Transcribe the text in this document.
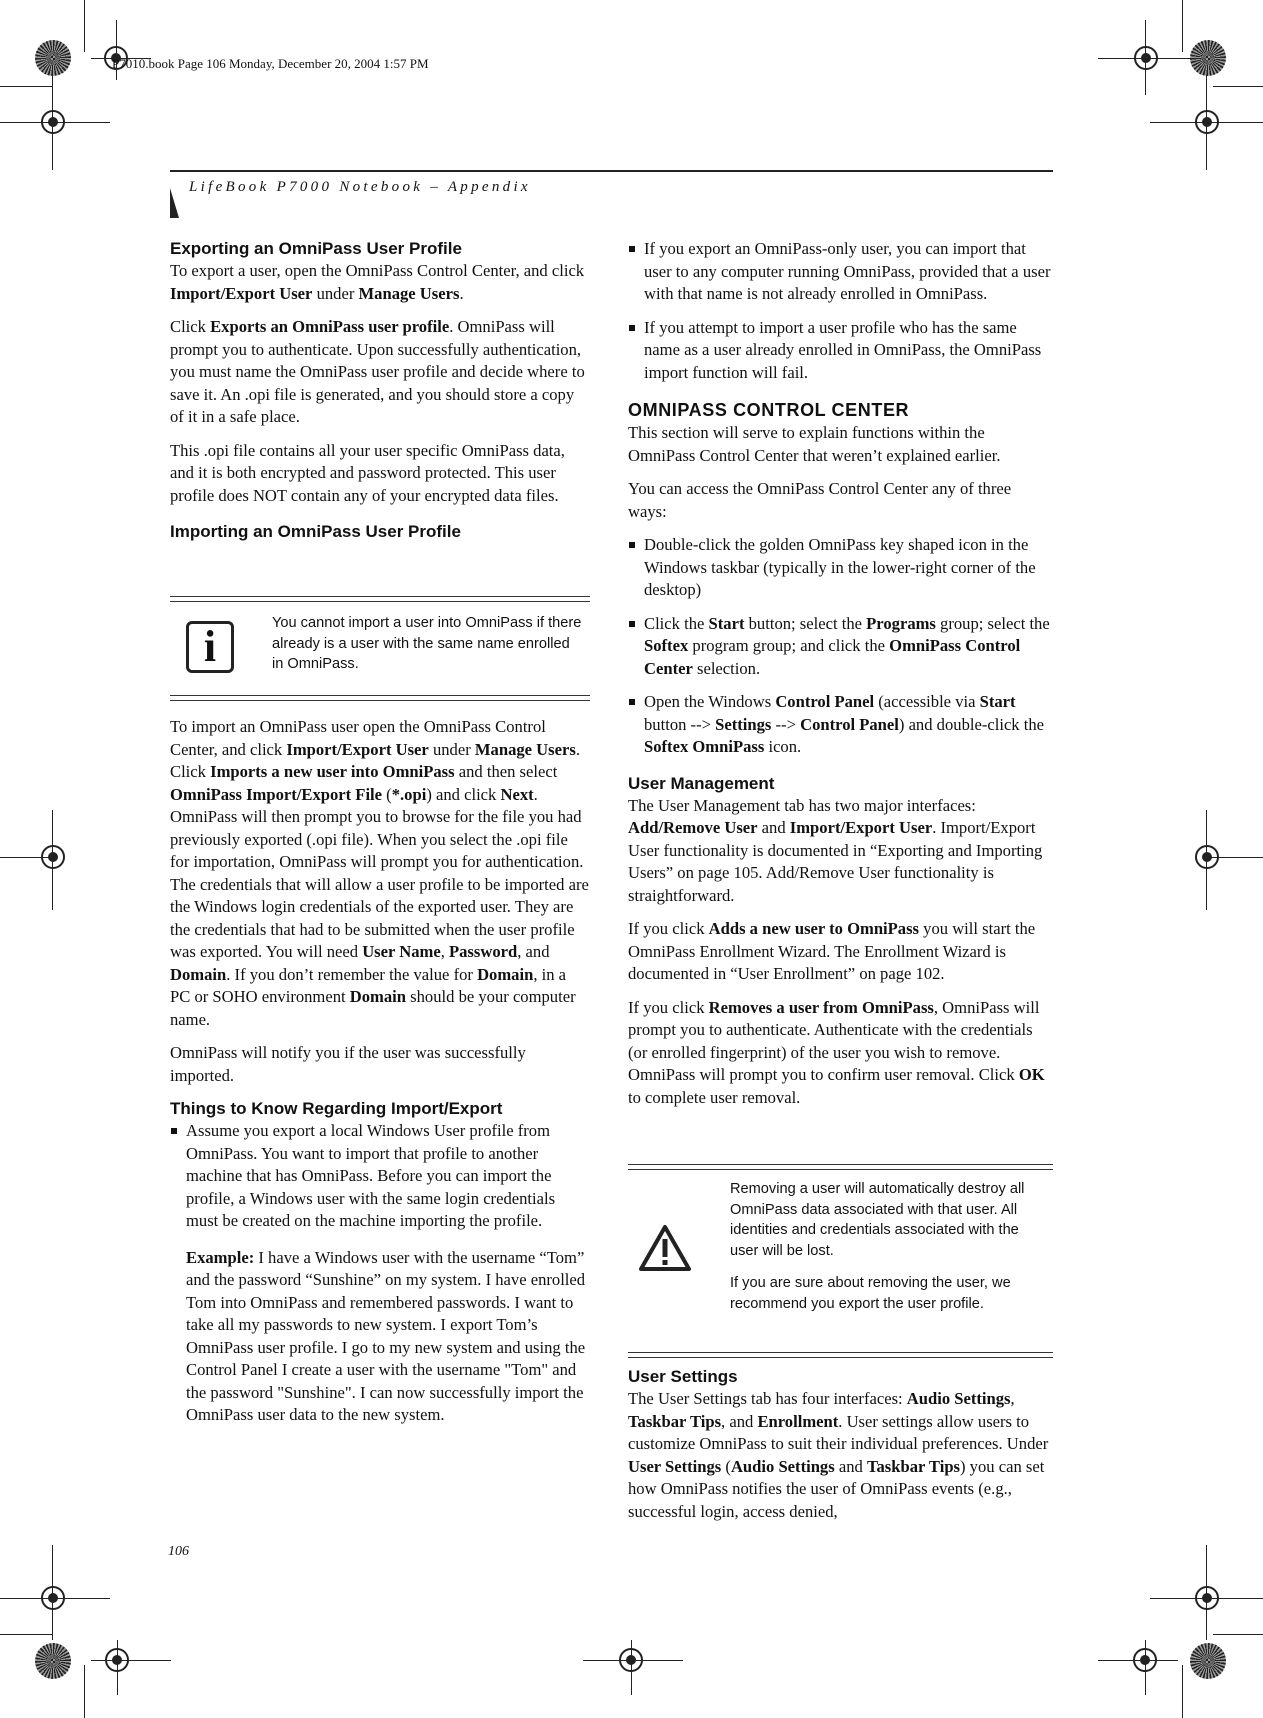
P7010.book Page 106 Monday, December 20, 2004 1:57 PM
LifeBook P7000 Notebook – Appendix
Exporting an OmniPass User Profile

To export a user, open the OmniPass Control Center, and click Import/Export User under Manage Users.

Click Exports an OmniPass user profile. OmniPass will prompt you to authenticate. Upon successfully authentication, you must name the OmniPass user profile and decide where to save it. An .opi file is generated, and you should store a copy of it in a safe place.

This .opi file contains all your user specific OmniPass data, and it is both encrypted and password protected. This user profile does NOT contain any of your encrypted data files.

Importing an OmniPass User Profile
i	You cannot import a user into OmniPass if there already is a user with the same name enrolled in OmniPass.

To import an OmniPass user open the OmniPass Control Center, and click Import/Export User under Manage Users. Click Imports a new user into OmniPass and then select OmniPass Import/Export File (*.opi) and click Next. OmniPass will then prompt you to browse for the file you had previously exported (.opi file). When you select the .opi file for importation, OmniPass will prompt you for authentication. The credentials that will allow a user profile to be imported are the Windows login credentials of the exported user. They are the credentials that had to be submitted when the user profile was exported. You will need User Name, Password, and Domain. If you don’t remember the value for Domain, in a PC or SOHO environment Domain should be your computer name.

OmniPass will notify you if the user was successfully imported.

Things to Know Regarding Import/Export
Assume you export a local Windows User profile from OmniPass. You want to import that profile to another machine that has OmniPass. Before you can import the profile, a Windows user with the same login credentials must be created on the machine importing the profile.
Example: I have a Windows user with the username “Tom” and the password “Sunshine” on my system. I have enrolled Tom into OmniPass and remembered passwords. I want to take all my passwords to new system. I export Tom’s OmniPass user profile. I go to my new system and using the Control Panel I create a user with the username "Tom" and the password "Sunshine". I can now successfully import the OmniPass user data to the new system.
If you export an OmniPass-only user, you can import that user to any computer running OmniPass, provided that a user with that name is not already enrolled in OmniPass.
If you attempt to import a user profile who has the same name as a user already enrolled in OmniPass, the OmniPass import function will fail.
OMNIPASS CONTROL CENTER

This section will serve to explain functions within the OmniPass Control Center that weren’t explained earlier.

You can access the OmniPass Control Center any of three ways:

Double-click the golden OmniPass key shaped icon in the Windows taskbar (typically in the lower-right corner of the desktop)
Click the Start button; select the Programs group; select the Softex program group; and click the OmniPass Control Center selection.
Open the Windows Control Panel (accessible via Start button --> Settings --> Control Panel) and double-click the Softex OmniPass icon.
User Management

The User Management tab has two major interfaces: Add/Remove User and Import/Export User. Import/Export User functionality is documented in “Exporting and Importing Users” on page 105. Add/Remove User functionality is straightforward.

If you click Adds a new user to OmniPass you will start the OmniPass Enrollment Wizard. The Enrollment Wizard is documented in “User Enrollment” on page 102.

If you click Removes a user from OmniPass, OmniPass will prompt you to authenticate. Authenticate with the credentials (or enrolled fingerprint) of the user you wish to remove. OmniPass will prompt you to confirm user removal. Click OK to complete user removal.

Removing a user will automatically destroy all OmniPass data associated with that user. All identities and credentials associated with the user will be lost.

If you are sure about removing the user, we recommend you export the user profile.

User Settings

The User Settings tab has four interfaces: Audio Settings, Taskbar Tips, and Enrollment. User settings allow users to customize OmniPass to suit their individual preferences. Under User Settings (Audio Settings and Taskbar Tips) you can set how OmniPass notifies the user of OmniPass events (e.g., successful login, access denied,

106
